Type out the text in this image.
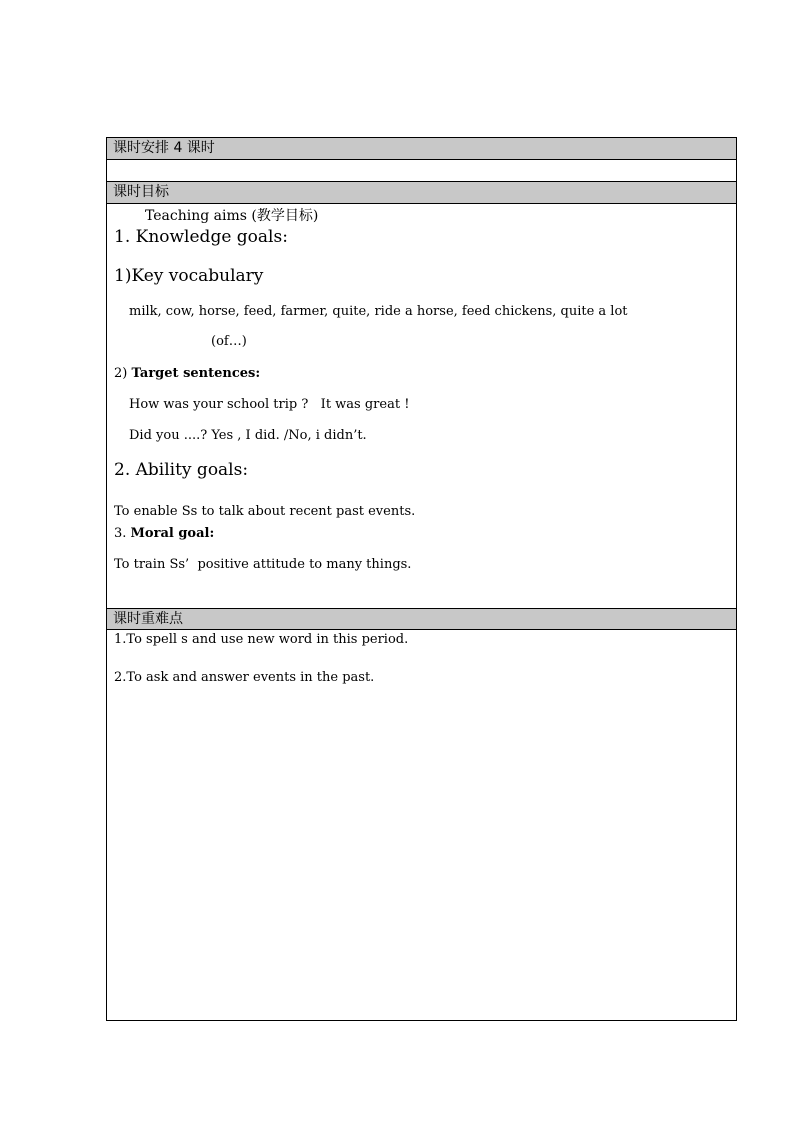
课时安排 4 课时

课时目标
Teaching aims (教学目标)
1. Knowledge goals:
1)Key vocabulary
milk, cow, horse, feed, farmer, quite, ride a horse, feed chickens, quite a lot
(of…)
2) Target sentences:
How was your school trip ?   It was great !
Did you ....? Yes , I did. /No, i didn’t.
2. Ability goals:
To enable Ss to talk about recent past events.
3. Moral goal:
To train Ss’  positive attitude to many things.
课时重难点
1.To spell s and use new word in this period.
2.To ask and answer events in the past.
